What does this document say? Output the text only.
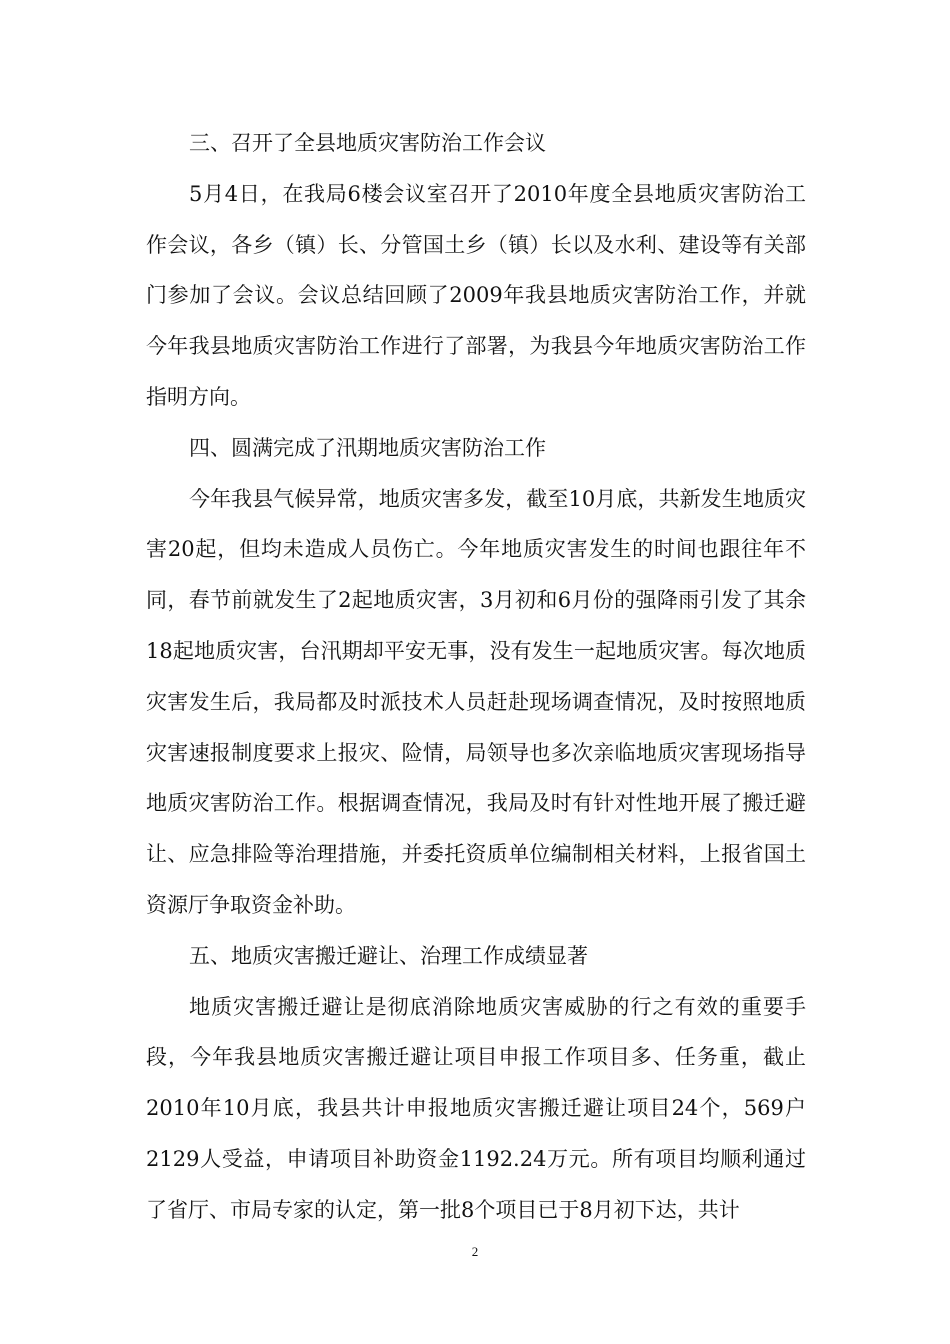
三、召开了全县地质灾害防治工作会议

5月4日，在我局6楼会议室召开了2010年度全县地质灾害防治工作会议，各乡（镇）长、分管国土乡（镇）长以及水利、建设等有关部门参加了会议。会议总结回顾了2009年我县地质灾害防治工作，并就今年我县地质灾害防治工作进行了部署，为我县今年地质灾害防治工作指明方向。

四、圆满完成了汛期地质灾害防治工作

今年我县气候异常，地质灾害多发，截至10月底，共新发生地质灾害20起，但均未造成人员伤亡。今年地质灾害发生的时间也跟往年不同，春节前就发生了2起地质灾害，3月初和6月份的强降雨引发了其余18起地质灾害，台汛期却平安无事，没有发生一起地质灾害。每次地质灾害发生后，我局都及时派技术人员赶赴现场调查情况，及时按照地质灾害速报制度要求上报灾、险情，局领导也多次亲临地质灾害现场指导地质灾害防治工作。根据调查情况，我局及时有针对性地开展了搬迁避让、应急排险等治理措施，并委托资质单位编制相关材料，上报省国土资源厅争取资金补助。

五、地质灾害搬迁避让、治理工作成绩显著

地质灾害搬迁避让是彻底消除地质灾害威胁的行之有效的重要手段，今年我县地质灾害搬迁避让项目申报工作项目多、任务重，截止2010年10月底，我县共计申报地质灾害搬迁避让项目24个，569户2129人受益，申请项目补助资金1192.24万元。所有项目均顺利通过了省厅、市局专家的认定，第一批8个项目已于8月初下达，共计

2
